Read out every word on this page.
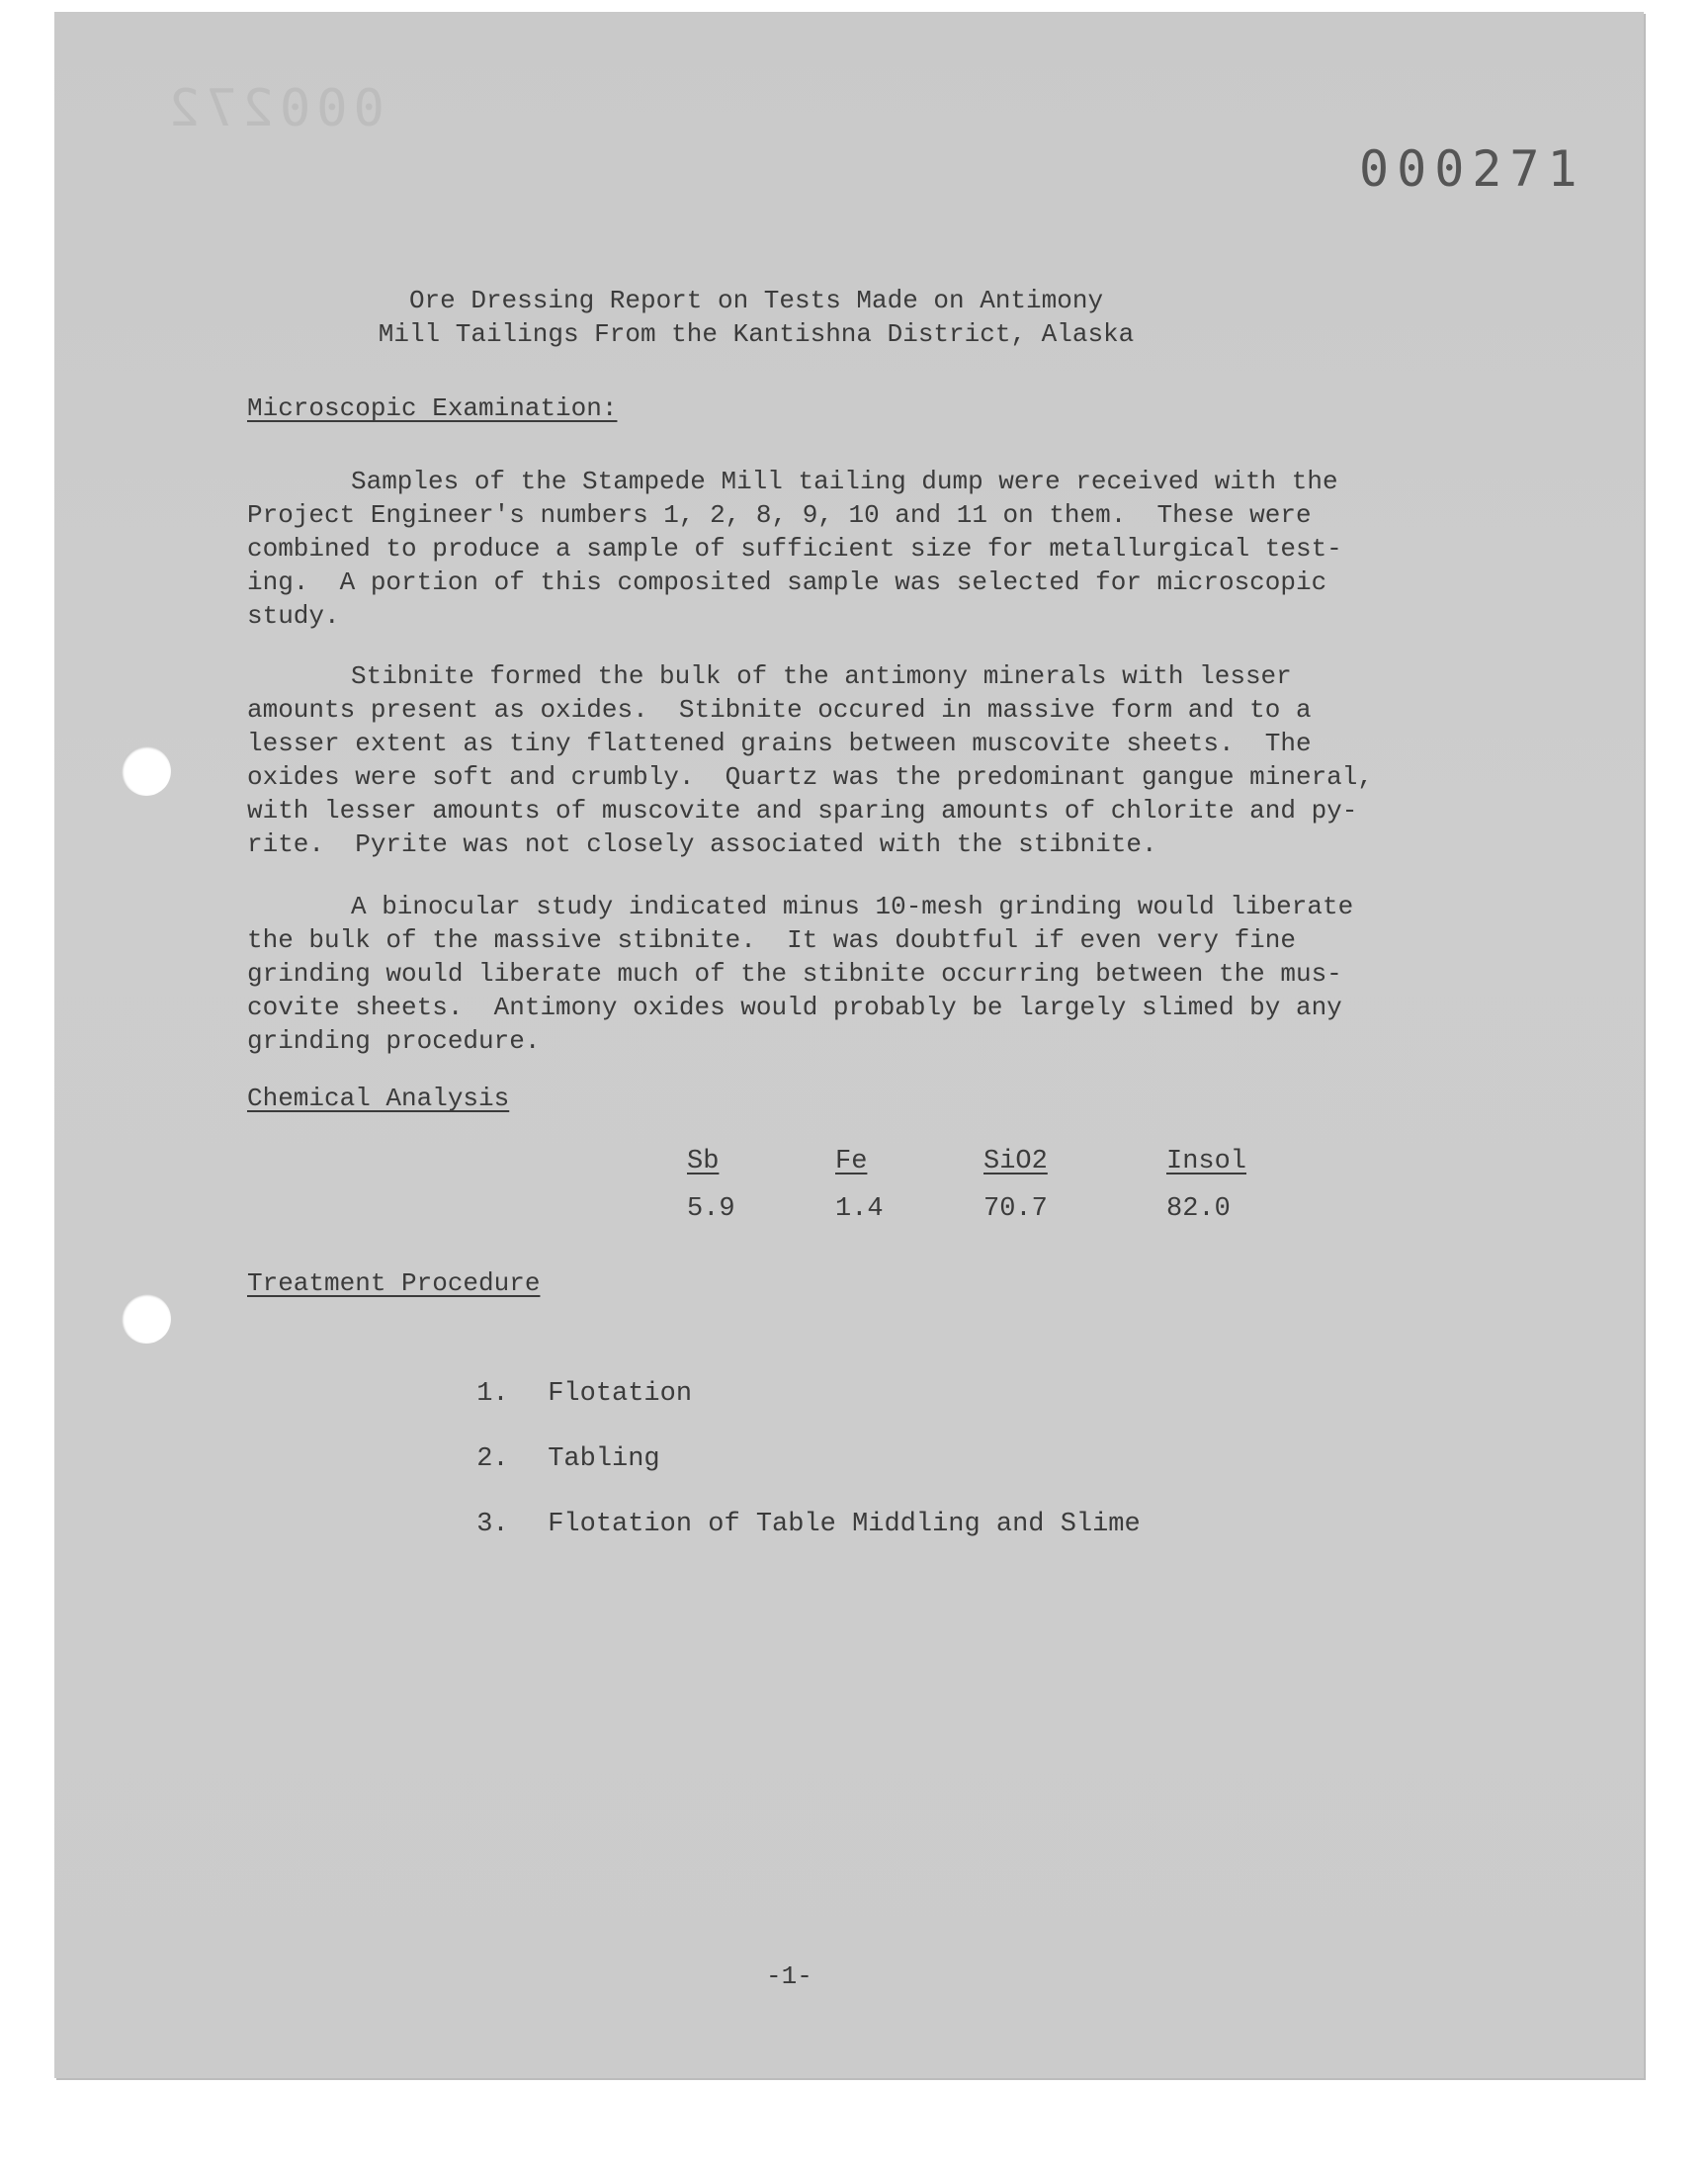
000272
000271
Ore Dressing Report on Tests Made on Antimony
Mill Tailings From the Kantishna District, Alaska
Microscopic Examination:

Samples of the Stampede Mill tailing dump were received with the
Project Engineer's numbers 1, 2, 8, 9, 10 and 11 on them.  These were
combined to produce a sample of sufficient size for metallurgical test-
ing.  A portion of this composited sample was selected for microscopic
study.

Stibnite formed the bulk of the antimony minerals with lesser
amounts present as oxides.  Stibnite occured in massive form and to a
lesser extent as tiny flattened grains between muscovite sheets.  The
oxides were soft and crumbly.  Quartz was the predominant gangue mineral,
with lesser amounts of muscovite and sparing amounts of chlorite and py-
rite.  Pyrite was not closely associated with the stibnite.

A binocular study indicated minus 10-mesh grinding would liberate
the bulk of the massive stibnite.  It was doubtful if even very fine
grinding would liberate much of the stibnite occurring between the mus-
covite sheets.  Antimony oxides would probably be largely slimed by any
grinding procedure.

Chemical Analysis
Sb	Fe	SiO2	Insol
5.9	1.4	70.7	82.0
Treatment Procedure

1. Flotation

2. Tabling

3. Flotation of Table Middling and Slime

-1-
